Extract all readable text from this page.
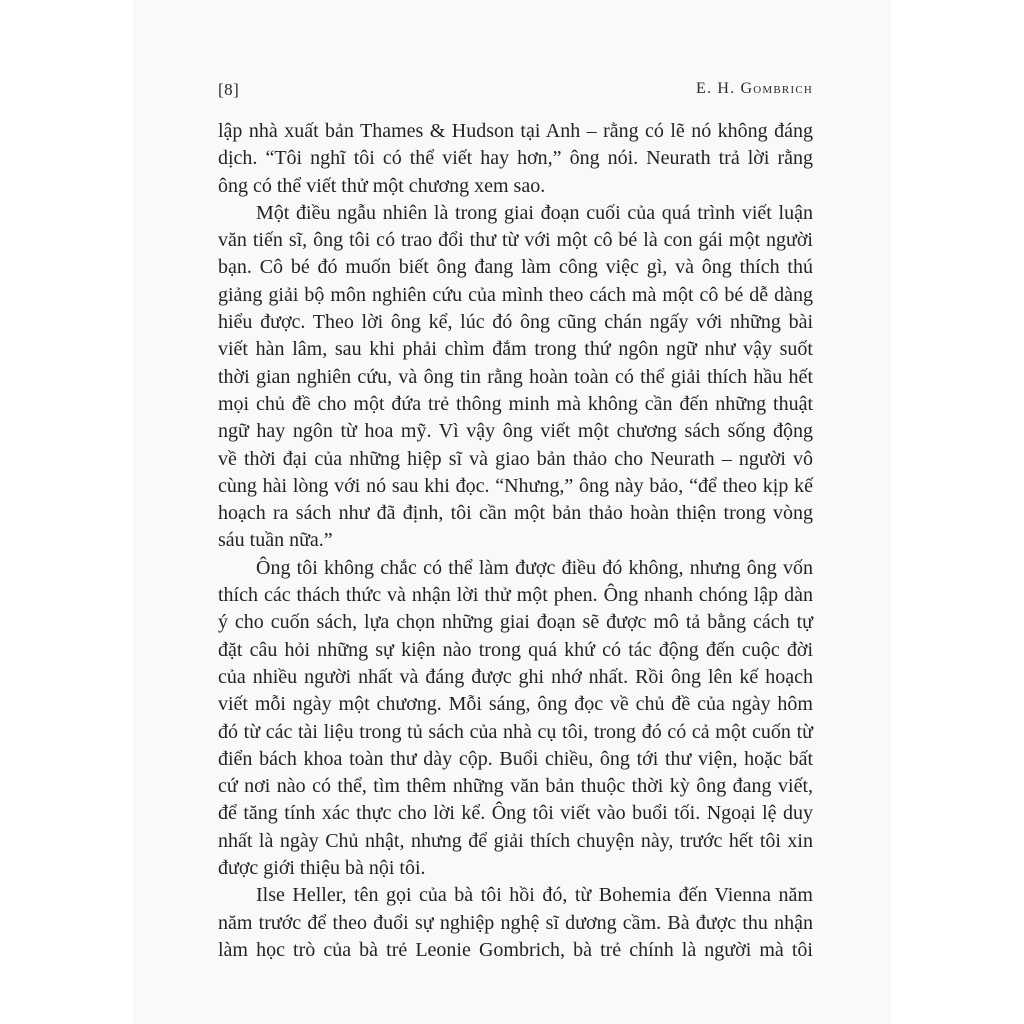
[8]	E. H. Gombrich
lập nhà xuất bản Thames & Hudson tại Anh – rằng có lẽ nó không đáng
dịch. “Tôi nghĩ tôi có thể viết hay hơn,” ông nói. Neurath trả lời rằng
ông có thể viết thử một chương xem sao.
Một điều ngẫu nhiên là trong giai đoạn cuối của quá trình viết luận
văn tiến sĩ, ông tôi có trao đổi thư từ với một cô bé là con gái một người
bạn. Cô bé đó muốn biết ông đang làm công việc gì, và ông thích thú
giảng giải bộ môn nghiên cứu của mình theo cách mà một cô bé dễ dàng
hiểu được. Theo lời ông kể, lúc đó ông cũng chán ngấy với những bài
viết hàn lâm, sau khi phải chìm đắm trong thứ ngôn ngữ như vậy suốt
thời gian nghiên cứu, và ông tin rằng hoàn toàn có thể giải thích hầu hết
mọi chủ đề cho một đứa trẻ thông minh mà không cần đến những thuật
ngữ hay ngôn từ hoa mỹ. Vì vậy ông viết một chương sách sống động
về thời đại của những hiệp sĩ và giao bản thảo cho Neurath – người vô
cùng hài lòng với nó sau khi đọc. “Nhưng,” ông này bảo, “để theo kịp kế
hoạch ra sách như đã định, tôi cần một bản thảo hoàn thiện trong vòng
sáu tuần nữa.”
Ông tôi không chắc có thể làm được điều đó không, nhưng ông vốn
thích các thách thức và nhận lời thử một phen. Ông nhanh chóng lập dàn
ý cho cuốn sách, lựa chọn những giai đoạn sẽ được mô tả bằng cách tự
đặt câu hỏi những sự kiện nào trong quá khứ có tác động đến cuộc đời
của nhiều người nhất và đáng được ghi nhớ nhất. Rồi ông lên kế hoạch
viết mỗi ngày một chương. Mỗi sáng, ông đọc về chủ đề của ngày hôm
đó từ các tài liệu trong tủ sách của nhà cụ tôi, trong đó có cả một cuốn từ
điển bách khoa toàn thư dày cộp. Buổi chiều, ông tới thư viện, hoặc bất
cứ nơi nào có thể, tìm thêm những văn bản thuộc thời kỳ ông đang viết,
để tăng tính xác thực cho lời kể. Ông tôi viết vào buổi tối. Ngoại lệ duy
nhất là ngày Chủ nhật, nhưng để giải thích chuyện này, trước hết tôi xin
được giới thiệu bà nội tôi.
Ilse Heller, tên gọi của bà tôi hồi đó, từ Bohemia đến Vienna năm
năm trước để theo đuổi sự nghiệp nghệ sĩ dương cầm. Bà được thu nhận
làm học trò của bà trẻ Leonie Gombrich, bà trẻ chính là người mà tôi
